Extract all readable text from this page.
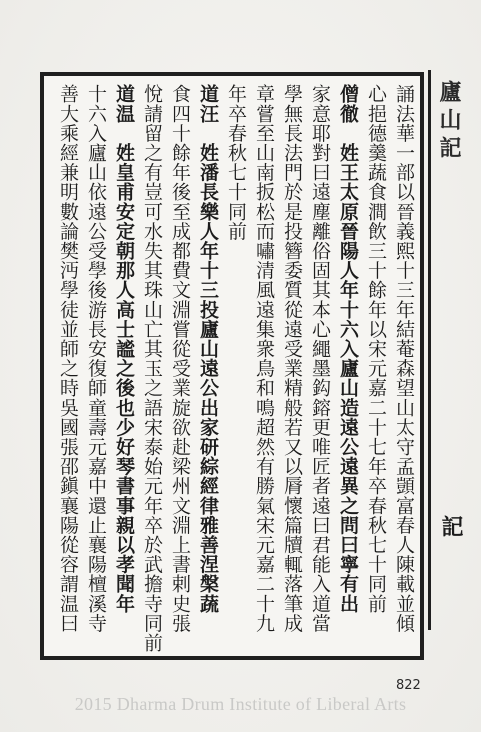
誦法華一部以晉義熙十三年結菴森望山太守孟顗富春人陳載並傾
心挹德羹蔬食澗飲三十餘年以宋元嘉二十七年卒春秋七十同前
僧徹　姓王太原晉陽人年十六入廬山造遠公遠異之問曰寧有出
家意耶對曰遠塵離俗固其本心繩墨鈎鎔更唯匠者遠曰君能入道當
學無長法門於是投簪委質從遠受業精般若又以脣懷篇牘輒落筆成
章嘗至山南扳松而嘯清風遠集衆鳥和鳴超然有勝氣宋元嘉二十九
年卒春秋七十同前
道汪　姓潘長樂人年十三投廬山遠公出家研綜經律雅善涅槃蔬
食四十餘年後至成都費文淵嘗從受業旋欲赴梁州文淵上書剌史張
悅請留之有豈可水失其珠山亡其玉之語宋泰始元年卒於武擔寺同前
道温　姓皇甫安定朝那人高士謐之後也少好琴書事親以孝聞年
十六入廬山依遠公受學後游長安復師童壽元嘉中還止襄陽檀溪寺
善大乘經兼明數論樊沔學徒並師之時吳國張邵鎭襄陽從容謂温曰	廬山記
記
822
2015 Dharma Drum Institute of Liberal Arts
